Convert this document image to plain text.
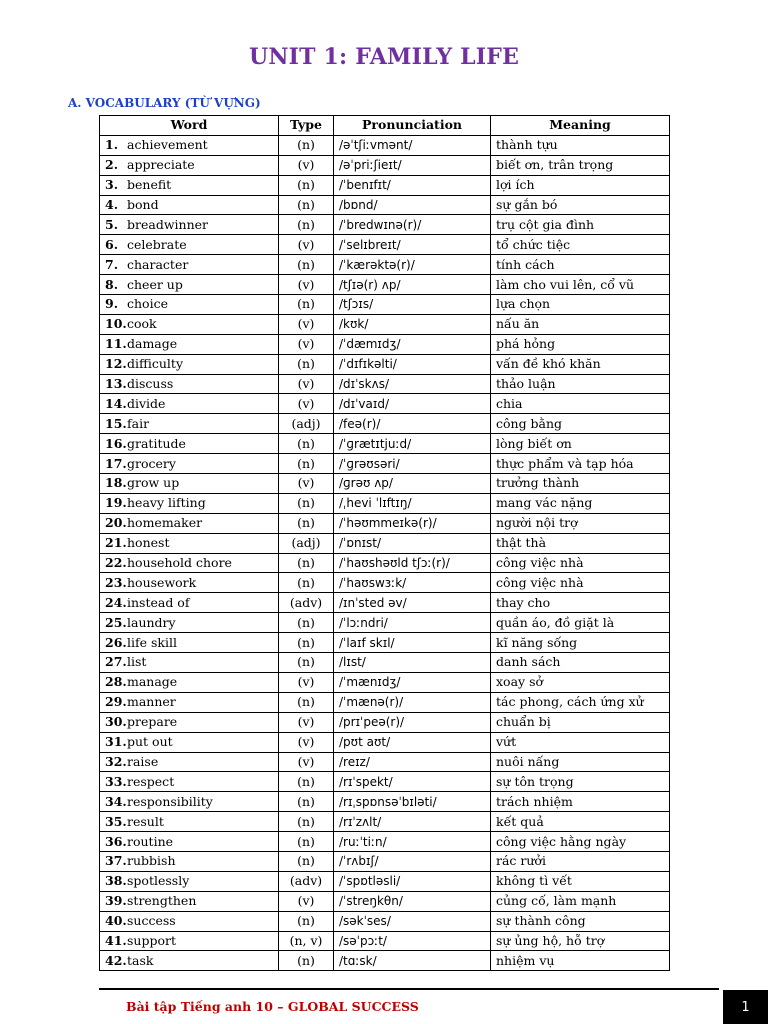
UNIT 1: FAMILY LIFE
A. VOCABULARY (TỪ VỰNG)
Word	Type	Pronunciation	Meaning
1. achievement	(n)	/əˈtʃiːvmənt/	thành tựu
2. appreciate	(v)	/əˈpriːʃieɪt/	biết ơn, trân trọng
3. benefit	(n)	/ˈbenɪfɪt/	lợi ích
4. bond	(n)	/bɒnd/	sự gắn bó
5. breadwinner	(n)	/ˈbredwɪnə(r)/	trụ cột gia đình
6. celebrate	(v)	/ˈselɪbreɪt/	tổ chức tiệc
7. character	(n)	/ˈkærəktə(r)/	tính cách
8. cheer up	(v)	/tʃɪə(r) ʌp/	làm cho vui lên, cổ vũ
9. choice	(n)	/tʃɔɪs/	lựa chọn
10.cook	(v)	/kʊk/	nấu ăn
11.damage	(v)	/ˈdæmɪdʒ/	phá hỏng
12.difficulty	(n)	/ˈdɪfɪkəlti/	vấn đề khó khăn
13.discuss	(v)	/dɪˈskʌs/	thảo luận
14.divide	(v)	/dɪˈvaɪd/	chia
15.fair	(adj)	/feə(r)/	công bằng
16.gratitude	(n)	/ˈɡrætɪtjuːd/	lòng biết ơn
17.grocery	(n)	/ˈɡrəʊsəri/	thực phẩm và tạp hóa
18.grow up	(v)	/ɡrəʊ ʌp/	trưởng thành
19.heavy lifting	(n)	/ˌhevi ˈlɪftɪŋ/	mang vác nặng
20.homemaker	(n)	/ˈhəʊmmeɪkə(r)/	người nội trợ
21.honest	(adj)	/ˈɒnɪst/	thật thà
22.household chore	(n)	/ˈhaʊshəʊld tʃɔː(r)/	công việc nhà
23.housework	(n)	/ˈhaʊswɜːk/	công việc nhà
24.instead of	(adv)	/ɪnˈsted əv/	thay cho
25.laundry	(n)	/ˈlɔːndri/	quần áo, đồ giặt là
26.life skill	(n)	/ˈlaɪf skɪl/	kĩ năng sống
27.list	(n)	/lɪst/	danh sách
28.manage	(v)	/ˈmænɪdʒ/	xoay sở
29.manner	(n)	/ˈmænə(r)/	tác phong, cách ứng xử
30.prepare	(v)	/prɪˈpeə(r)/	chuẩn bị
31.put out	(v)	/pʊt aʊt/	vứt
32.raise	(v)	/reɪz/	nuôi nấng
33.respect	(n)	/rɪˈspekt/	sự tôn trọng
34.responsibility	(n)	/rɪˌspɒnsəˈbɪləti/	trách nhiệm
35.result	(n)	/rɪˈzʌlt/	kết quả
36.routine	(n)	/ruːˈtiːn/	công việc hằng ngày
37.rubbish	(n)	/ˈrʌbɪʃ/	rác rưởi
38.spotlessly	(adv)	/ˈspɒtləsli/	không tì vết
39.strengthen	(v)	/ˈstreŋkθn/	củng cố, làm mạnh
40.success	(n)	/səkˈses/	sự thành công
41.support	(n, v)	/səˈpɔːt/	sự ủng hộ, hỗ trợ
42.task	(n)	/tɑːsk/	nhiệm vụ
Bài tập Tiếng anh 10 – GLOBAL SUCCESS	1
